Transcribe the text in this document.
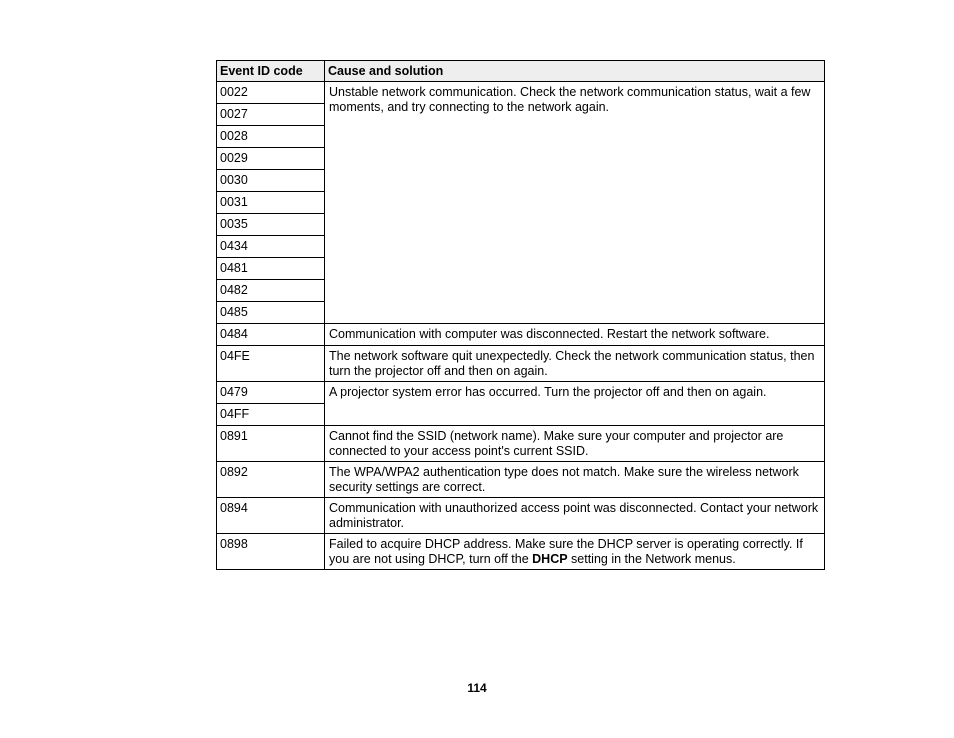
Event ID code	Cause and solution
0022	Unstable network communication. Check the network communication status, wait a few moments, and try connecting to the network again.
0027	
0028	
0029	
0030	
0031	
0035	
0434	
0481	
0482	
0485	
0484	Communication with computer was disconnected. Restart the network software.
04FE	The network software quit unexpectedly. Check the network communication status, then turn the projector off and then on again.
0479	A projector system error has occurred. Turn the projector off and then on again.
04FF	
0891	Cannot find the SSID (network name). Make sure your computer and projector are connected to your access point's current SSID.
0892	The WPA/WPA2 authentication type does not match. Make sure the wireless network security settings are correct.
0894	Communication with unauthorized access point was disconnected. Contact your network administrator.
0898	Failed to acquire DHCP address. Make sure the DHCP server is operating correctly. If you are not using DHCP, turn off the DHCP setting in the Network menus.
114
